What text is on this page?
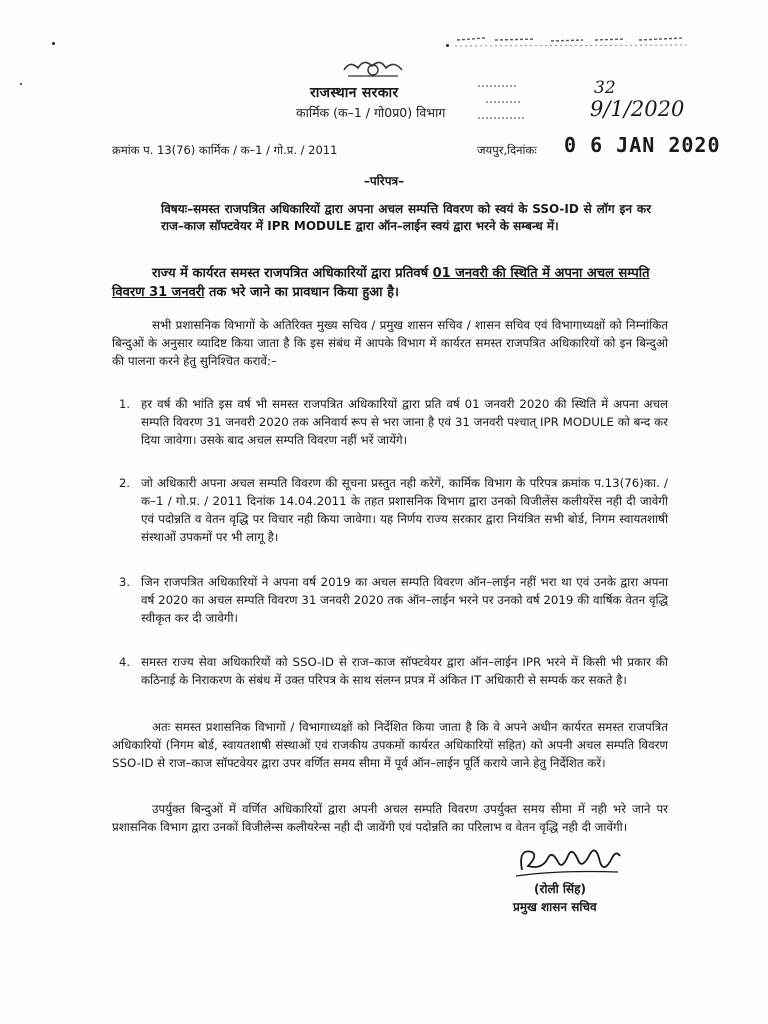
राजस्थान सरकार
कार्मिक (क–1 / गो0प्र0) विभाग
32
9/1/2020
क्रमांक प. 13(76) कार्मिक / क–1 / गो.प्र. / 2011	जयपुर,दिनांकः 0 6 JAN 2020
–परिपत्र–
विषयः–समस्त राजपत्रित अधिकारियों द्वारा अपना अचल सम्पत्ति विवरण को स्वयं के SSO-ID से लॉग इन कर राज–काज सॉफ्टवेयर में IPR MODULE द्वारा ऑन–लाईन स्वयं द्वारा भरने के सम्बन्ध में।
राज्य में कार्यरत समस्त राजपत्रित अधिकारियों द्वारा प्रतिवर्ष 01 जनवरी की स्थिति में अपना अचल सम्पति विवरण 31 जनवरी तक भरे जाने का प्रावधान किया हुआ है।
सभी प्रशासनिक विभागों के अतिरिक्त मुख्य सचिव / प्रमुख शासन सचिव / शासन सचिव एवं विभागाध्यक्षों को निम्नांकित बिन्दुओं के अनुसार व्यादिष्ट किया जाता है कि इस संबंध में आपके विभाग में कार्यरत समस्त राजपत्रित अधिकारियों को इन बिन्दुओ की पालना करने हेतु सुनिश्चित करावें:–
1. हर वर्ष की भांति इस वर्ष भी समस्त राजपत्रित अधिकारियों द्वारा प्रति वर्ष 01 जनवरी 2020 की स्थिति में अपना अचल सम्पति विवरण 31 जनवरी 2020 तक अनिवार्य रूप से भरा जाना है एवं 31 जनवरी पश्चात् IPR MODULE को बन्द कर दिया जावेगा। उसके बाद अचल सम्पति विवरण नहीं भरें जायेंगे।
2. जो अधिकारी अपना अचल सम्पति विवरण की सूचना प्रस्तुत नही करेगें, कार्मिक विभाग के परिपत्र क्रमांक प.13(76)का. / क–1 / गो.प्र. / 2011 दिनांक 14.04.2011 के तहत प्रशासनिक विभाग द्वारा उनको विजीलेंस कलीयरेंस नही दी जावेगी एवं पदोन्नति व वेतन वृद्धि पर विचार नही किया जावेगा। यह निर्णय राज्य सरकार द्वारा नियंत्रित सभी बोर्ड, निगम स्वायतशाषी संस्थाओं उपकमों पर भी लागू है।
3. जिन राजपत्रित अधिकारियों ने अपना वर्ष 2019 का अचल सम्पति विवरण ऑन–लाईन नहीं भरा था एवं उनके द्वारा अपना वर्ष 2020 का अचल सम्पति विवरण 31 जनवरी 2020 तक ऑन–लाईन भरने पर उनको वर्ष 2019 की वार्षिक वेतन वृद्धि स्वीकृत कर दी जावेगी।
4. समस्त राज्य सेवा अधिकारियों को SSO-ID से राज–काज सॉफ्टवेयर द्वारा ऑन–लाईन IPR भरने में किसी भी प्रकार की कठिनाई के निराकरण के संबंध में उक्त परिपत्र के साथ संलग्न प्रपत्र में अंकित IT अधिकारी से सम्पर्क कर सकते है।
अतः समस्त प्रशासनिक विभागों / विभागाध्यक्षों को निर्देशित किया जाता है कि वे अपने अधीन कार्यरत समस्त राजपत्रित अधिकारियों (निगम बोर्ड, स्वायतशाषी संस्थाओं एवं राजकीय उपकमों कार्यरत अधिकारियों सहित) को अपनी अचल सम्पति विवरण SSO-ID से राज–काज सॉफ्टवेयर द्वारा उपर वर्णित समय सीमा में पूर्व ऑन–लाईन पूर्ति कराये जाने हेतु निर्देशित करें।
उपर्युक्त बिन्दुओं में वर्णित अधिकारियों द्वारा अपनी अचल सम्पति विवरण उपर्युक्त समय सीमा में नही भरे जाने पर प्रशासनिक विभाग द्वारा उनकों विजीलेन्स कलीयरेन्स नही दी जावेंगी एवं पदोन्नति का परिलाभ व वेतन वृद्धि नही दी जावेंगी।
(रोली सिंह)
प्रमुख शासन सचिव
